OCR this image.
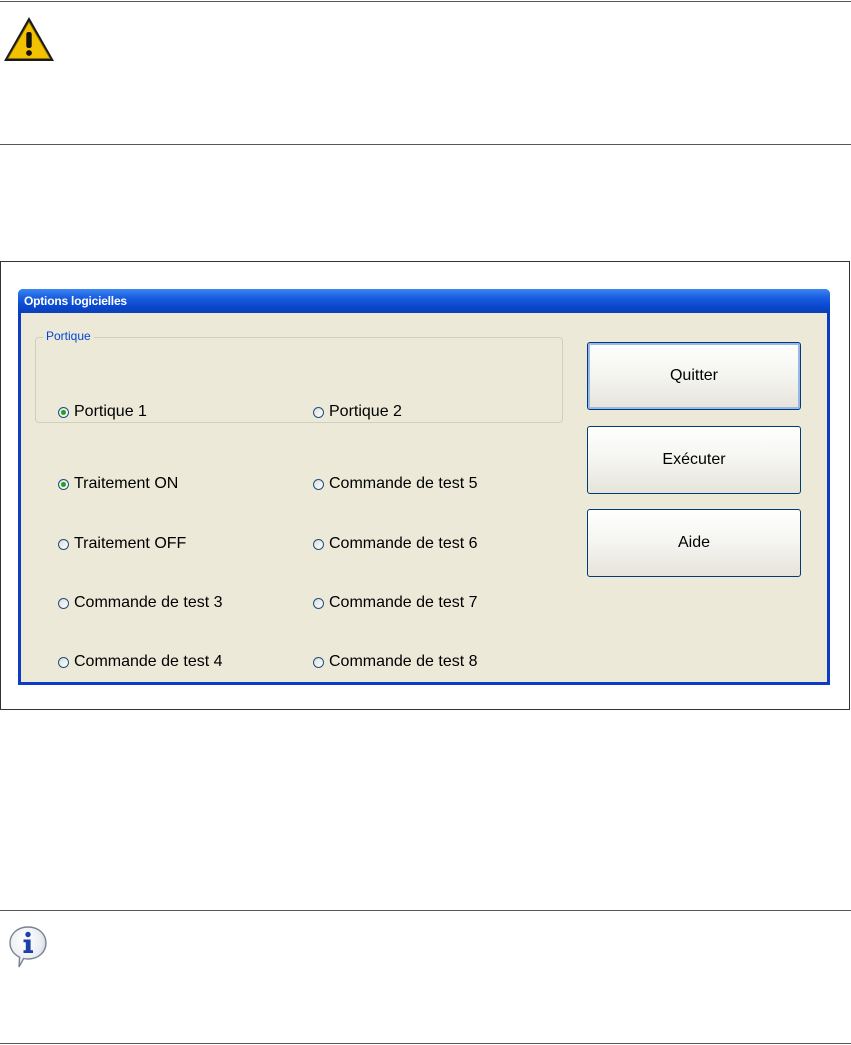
Options logicielles
Portique
Portique 1	Portique 2
Traitement ON	Commande de test 5
Traitement OFF	Commande de test 6
Commande de test 3	Commande de test 7
Commande de test 4	Commande de test 8
Quitter
Exécuter
Aide
